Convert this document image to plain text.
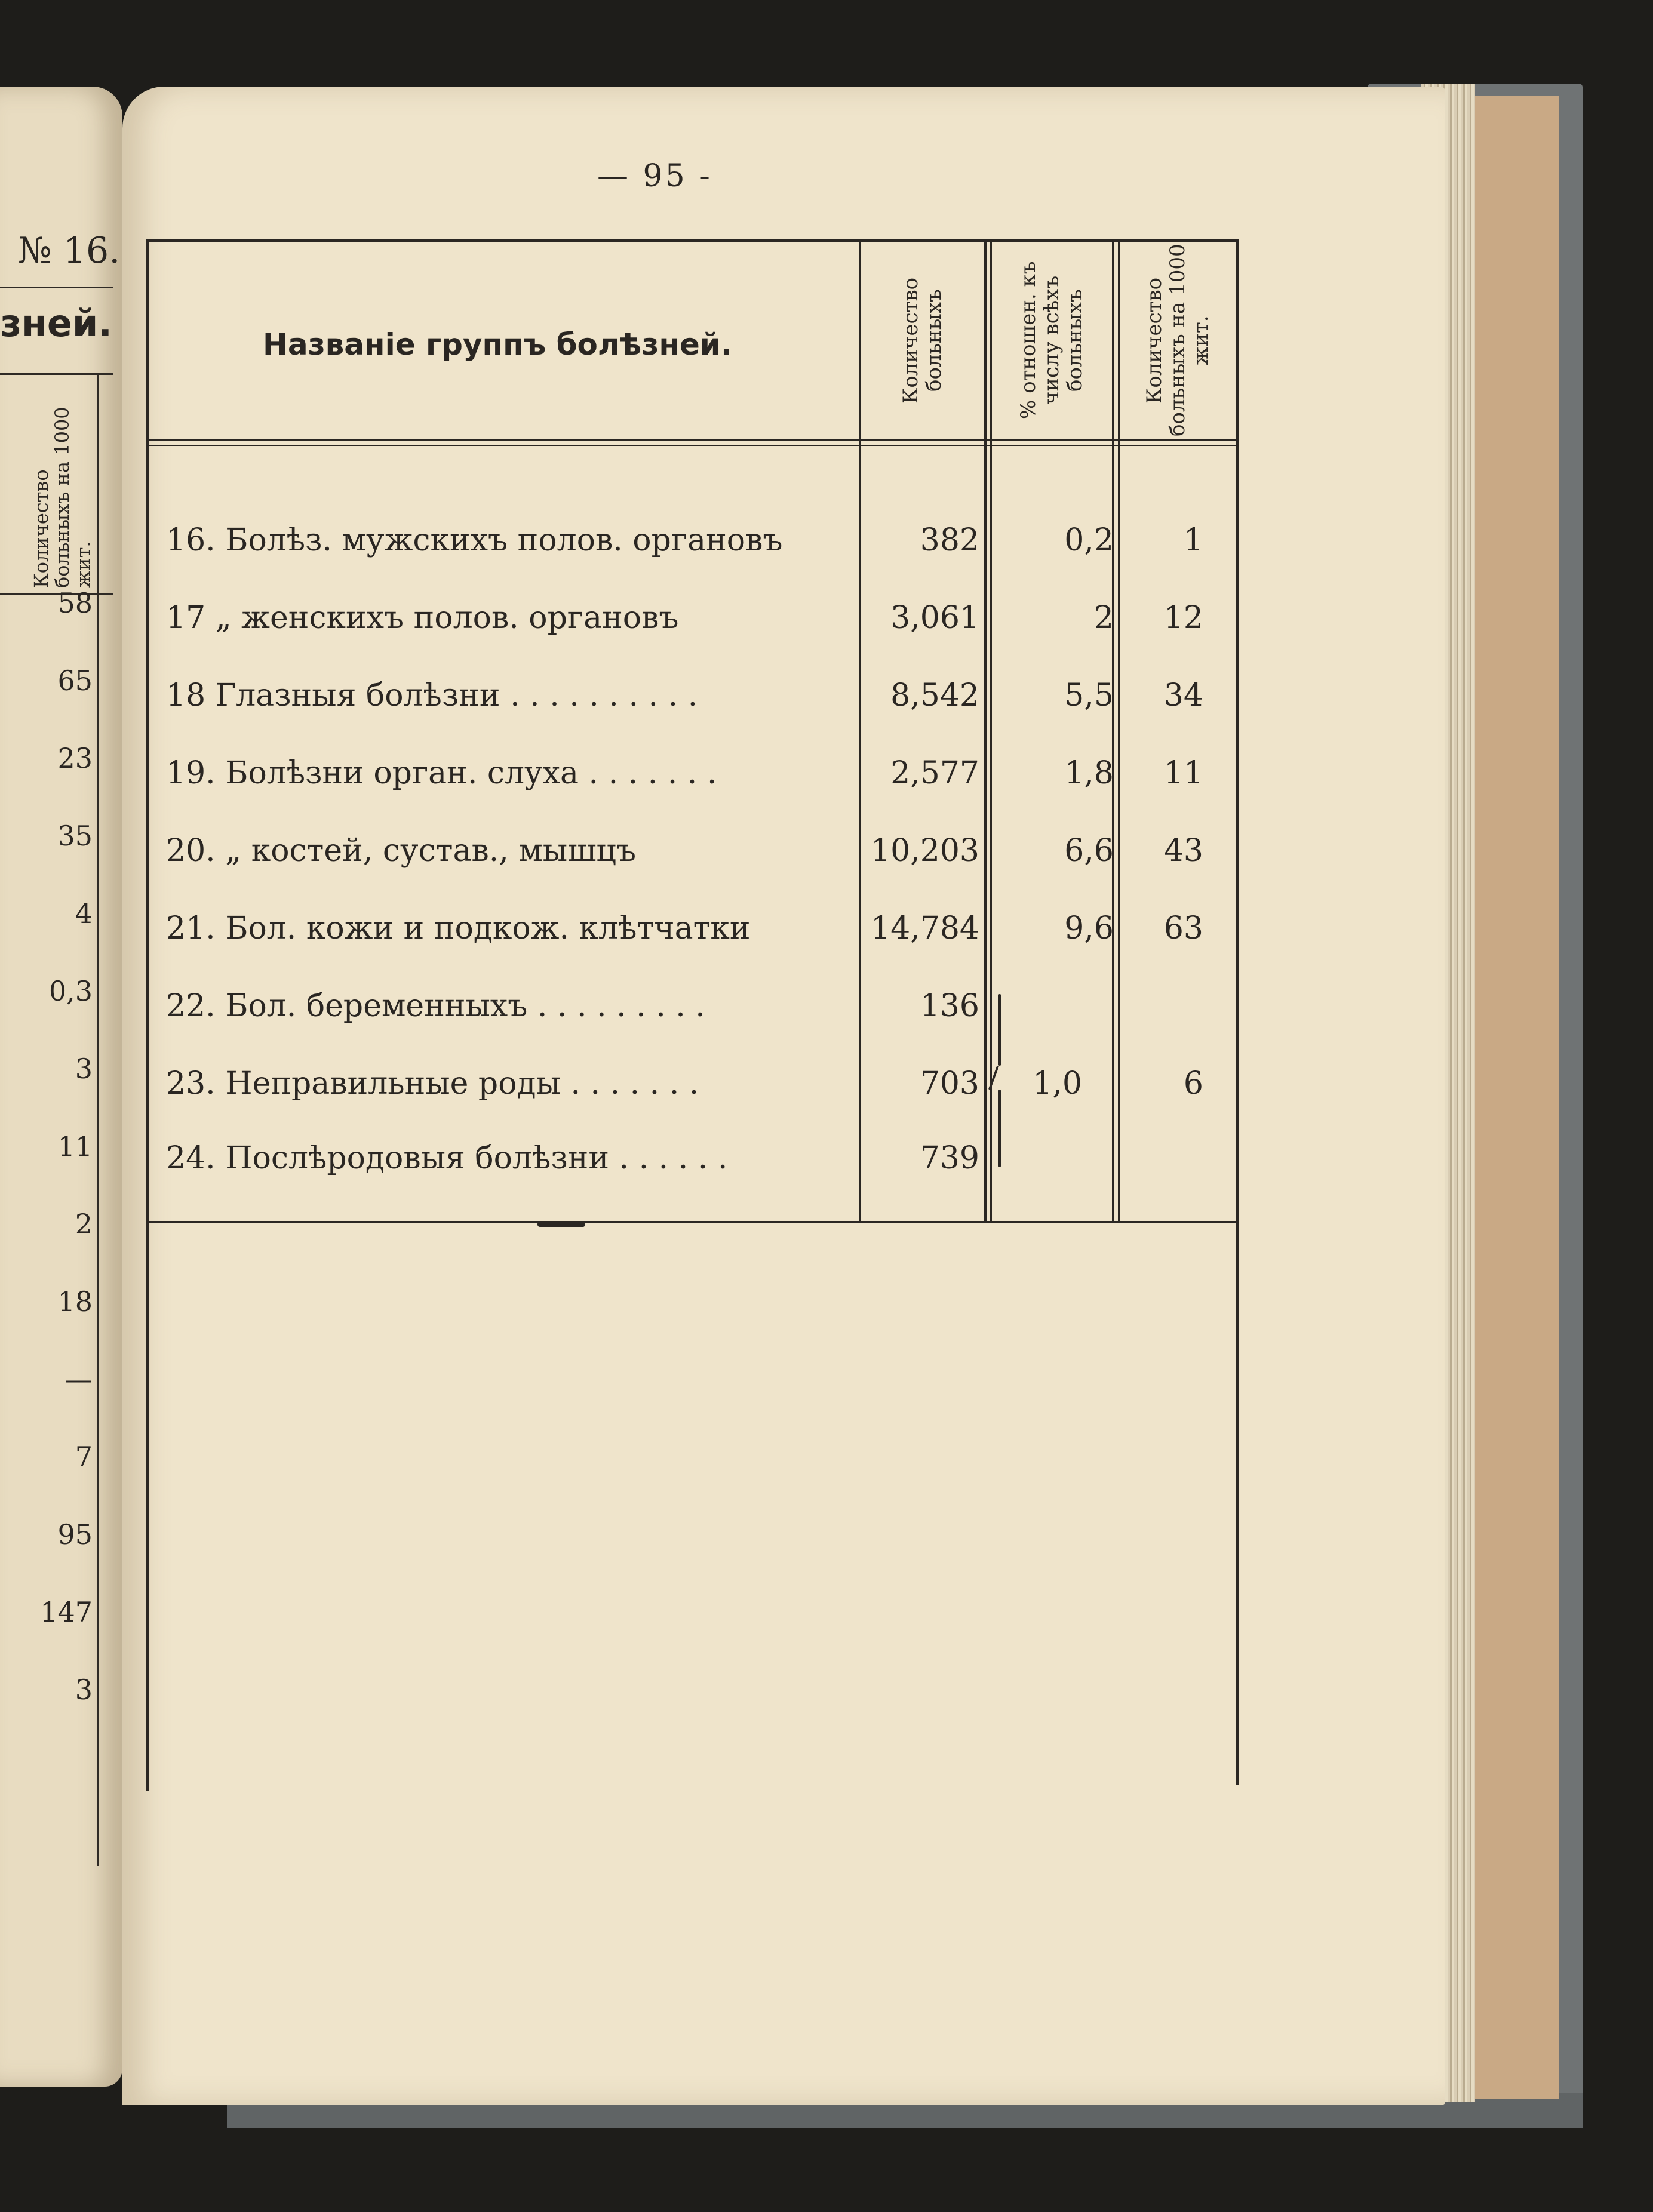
№ 16.
зней.
Количество больныхъ на 1000 жит.
58
65
23
35
4
0,3
3
11
2
18
—
7
95
147
3
— 95 -
Названіе группъ болѣзней.	Количество больныхъ	% отношен. къ числу всѣхъ больныхъ	Количество больныхъ на 1000 жит.
16. Болѣз. мужскихъ полов. органовъ	382	0,2	1
17 „ женскихъ полов. органовъ	3,061	2	12
18 Глазныя болѣзни . . . . . . . . . .	8,542	5,5	34
19. Болѣзни орган. слуха . . . . . . .	2,577	1,8	11
20. „ костей, сустав., мышцъ	10,203	6,6	43
21. Бол. кожи и подкож. клѣтчатки	14,784	9,6	63
22. Бол. беременныхъ . . . . . . . . .	136
23. Неправильные роды . . . . . . .	703	1,0	6
24. Послѣродовыя болѣзни . . . . . .	739
